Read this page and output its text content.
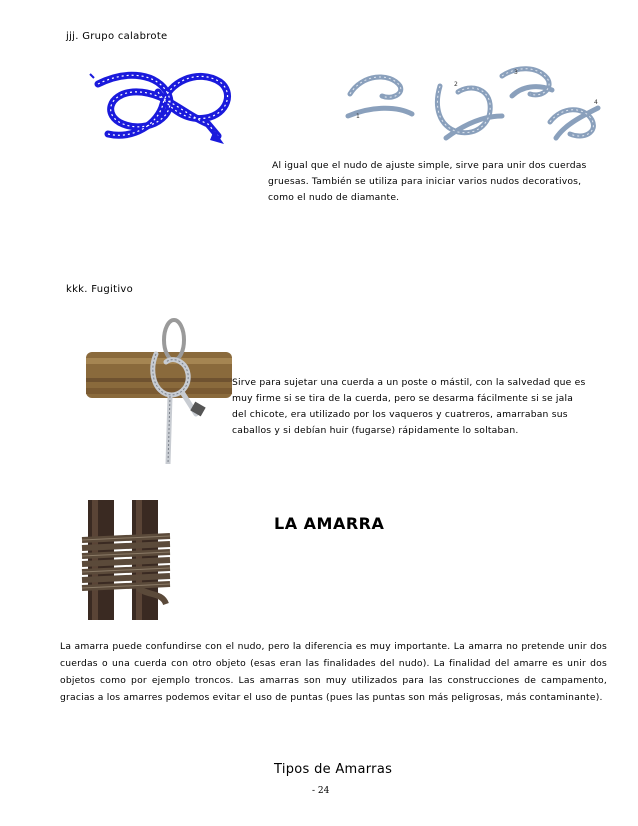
jjj. Grupo calabrote
1
2
3
4
Al igual que el nudo de ajuste simple, sirve para unir dos cuerdas
gruesas. También se utiliza para iniciar varios nudos decorativos,
como el nudo de diamante.
kkk. Fugitivo
Sirve para sujetar una cuerda a un poste o mástil, con la salvedad que es
muy firme si se tira de la cuerda, pero se desarma fácilmente si se jala
del chicote, era utilizado por los vaqueros y cuatreros, amarraban sus
caballos y si debían huir (fugarse) rápidamente lo soltaban.
LA AMARRA
La amarra puede confundirse con el nudo, pero la diferencia es muy importante. La amarra no pretende unir dos cuerdas o una cuerda con otro objeto (esas eran las finalidades del nudo). La finalidad del amarre es unir dos objetos como por ejemplo troncos. Las amarras son muy utilizados para las construcciones de campamento, gracias a los amarres podemos evitar el uso de puntas (pues las puntas son más peligrosas, más contaminante).
Tipos de Amarras
- 24
